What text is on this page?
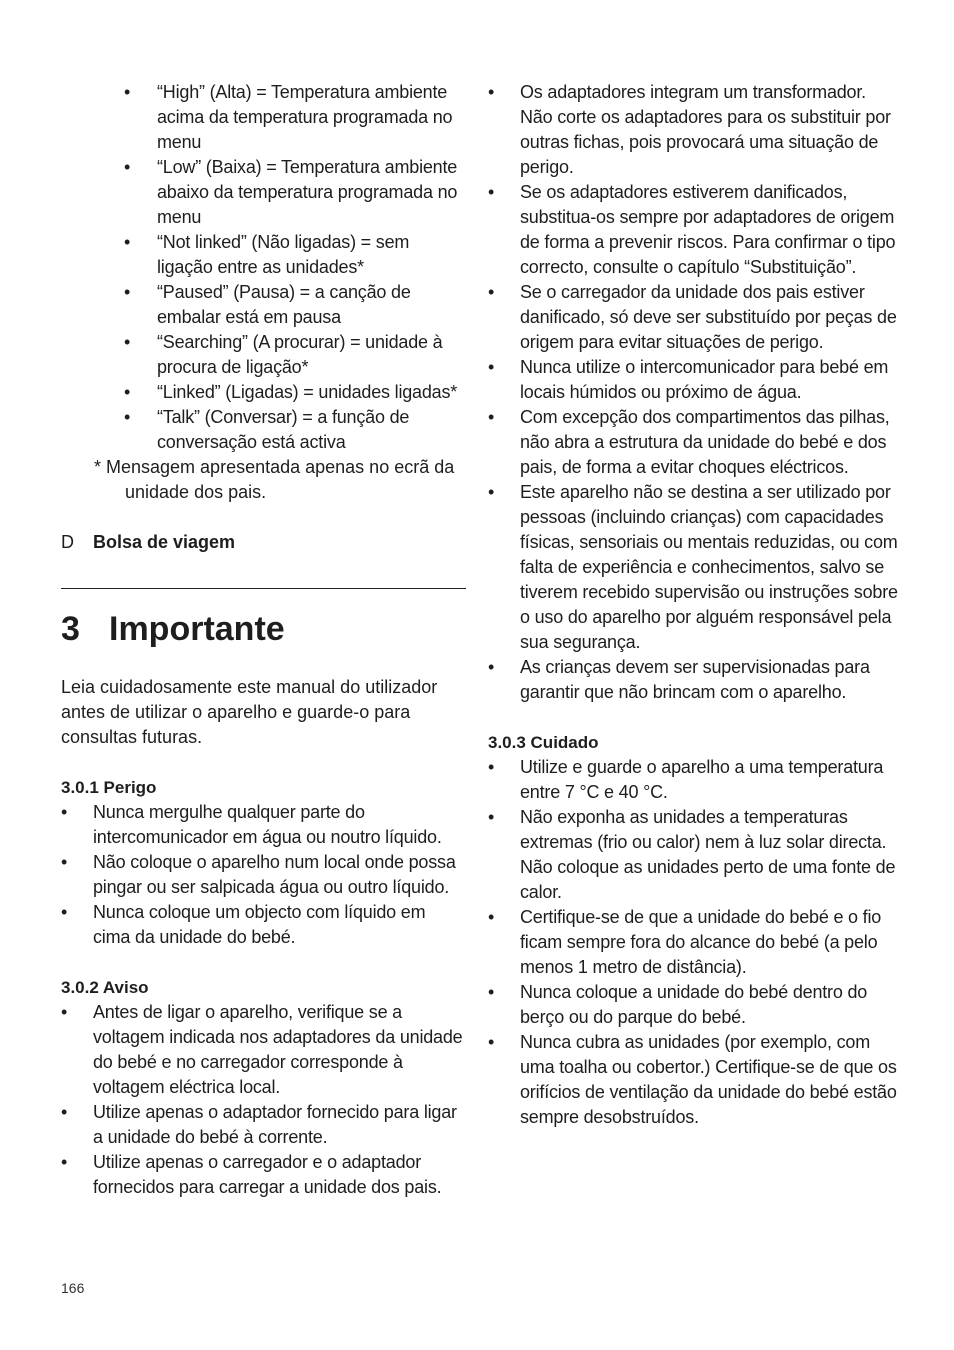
• “High” (Alta) = Temperatura ambiente acima da temperatura programada no menu
• “Low” (Baixa) = Temperatura ambiente abaixo da temperatura programada no menu
• “Not linked” (Não ligadas) = sem ligação entre as unidades*
• “Paused” (Pausa) = a canção de embalar está em pausa
• “Searching” (A procurar) = unidade à procura de ligação*
• “Linked” (Ligadas) = unidades ligadas*
• “Talk” (Conversar) = a função de conversação está activa
* Mensagem apresentada apenas no ecrã da unidade dos pais.
D Bolsa de viagem
3 Importante
Leia cuidadosamente este manual do utilizador antes de utilizar o aparelho e guarde-o para consultas futuras.
3.0.1 Perigo
• Nunca mergulhe qualquer parte do intercomunicador em água ou noutro líquido.
• Não coloque o aparelho num local onde possa pingar ou ser salpicada água ou outro líquido.
• Nunca coloque um objecto com líquido em cima da unidade do bebé.
3.0.2 Aviso
• Antes de ligar o aparelho, verifique se a voltagem indicada nos adaptadores da unidade do bebé e no carregador corresponde à voltagem eléctrica local.
• Utilize apenas o adaptador fornecido para ligar a unidade do bebé à corrente.
• Utilize apenas o carregador e o adaptador fornecidos para carregar a unidade dos pais.
• Os adaptadores integram um transformador. Não corte os adaptadores para os substituir por outras fichas, pois provocará uma situação de perigo.
• Se os adaptadores estiverem danificados, substitua-os sempre por adaptadores de origem de forma a prevenir riscos. Para confirmar o tipo correcto, consulte o capítulo “Substituição”.
• Se o carregador da unidade dos pais estiver danificado, só deve ser substituído por peças de origem para evitar situações de perigo.
• Nunca utilize o intercomunicador para bebé em locais húmidos ou próximo de água.
• Com excepção dos compartimentos das pilhas, não abra a estrutura da unidade do bebé e dos pais, de forma a evitar choques eléctricos.
• Este aparelho não se destina a ser utilizado por pessoas (incluindo crianças) com capacidades físicas, sensoriais ou mentais reduzidas, ou com falta de experiência e conhecimentos, salvo se tiverem recebido supervisão ou instruções sobre o uso do aparelho por alguém responsável pela sua segurança.
• As crianças devem ser supervisionadas para garantir que não brincam com o aparelho.
3.0.3 Cuidado
• Utilize e guarde o aparelho a uma temperatura entre 7 °C e 40 °C.
• Não exponha as unidades a temperaturas extremas (frio ou calor) nem à luz solar directa. Não coloque as unidades perto de uma fonte de calor.
• Certifique-se de que a unidade do bebé e o fio ficam sempre fora do alcance do bebé (a pelo menos 1 metro de distância).
• Nunca coloque a unidade do bebé dentro do berço ou do parque do bebé.
• Nunca cubra as unidades (por exemplo, com uma toalha ou cobertor.) Certifique-se de que os orifícios de ventilação da unidade do bebé estão sempre desobstruídos.
166
